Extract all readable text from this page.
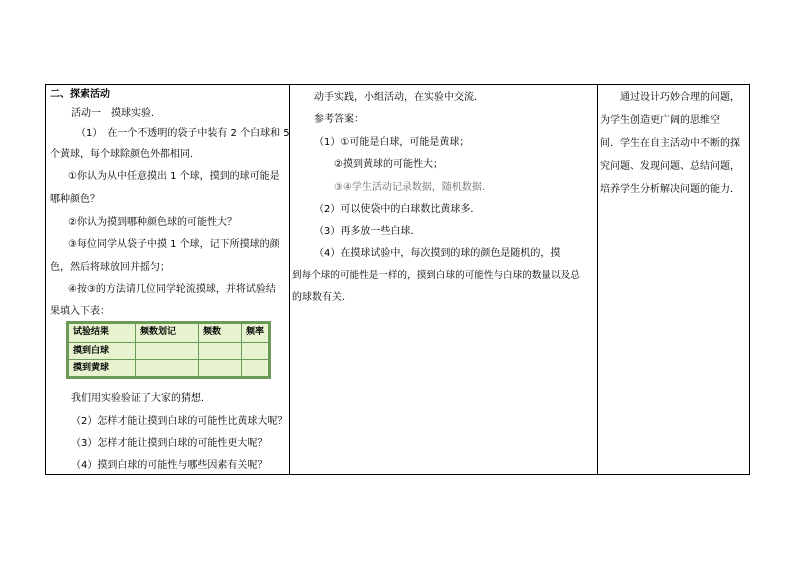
二、探索活动
活动一　摸球实验．
（1）　在一个不透明的袋子中装有 2 个白球和 5
个黄球，每个球除颜色外都相同．
①你认为从中任意摸出 1 个球，摸到的球可能是
哪种颜色？
②你认为摸到哪种颜色球的可能性大？
③每位同学从袋子中摸 1 个球，记下所摸球的颜
色，然后将球放回并摇匀；
④按③的方法请几位同学轮流摸球，并将试验结
果填入下表：
试验结果	频数划记	频数	频率
摸到白球			
摸到黄球			
我们用实验验证了大家的猜想．
（2）怎样才能让摸到白球的可能性比黄球大呢？
（3）怎样才能让摸到白球的可能性更大呢？
（4）摸到白球的可能性与哪些因素有关呢？
动手实践，小组活动，在实验中交流．
参考答案：
（1）①可能是白球，可能是黄球；
②摸到黄球的可能性大；
③④学生活动记录数据，随机数据．
（2）可以使袋中的白球数比黄球多．
（3）再多放一些白球．
（4）在摸球试验中，每次摸到的球的颜色是随机的，摸
到每个球的可能性是一样的，摸到白球的可能性与白球的数量以及总
的球数有关．
通过设计巧妙合理的问题，
为学生创造更广阔的思维空
间．学生在自主活动中不断的探
究问题、发现问题、总结问题，
培养学生分析解决问题的能力．
